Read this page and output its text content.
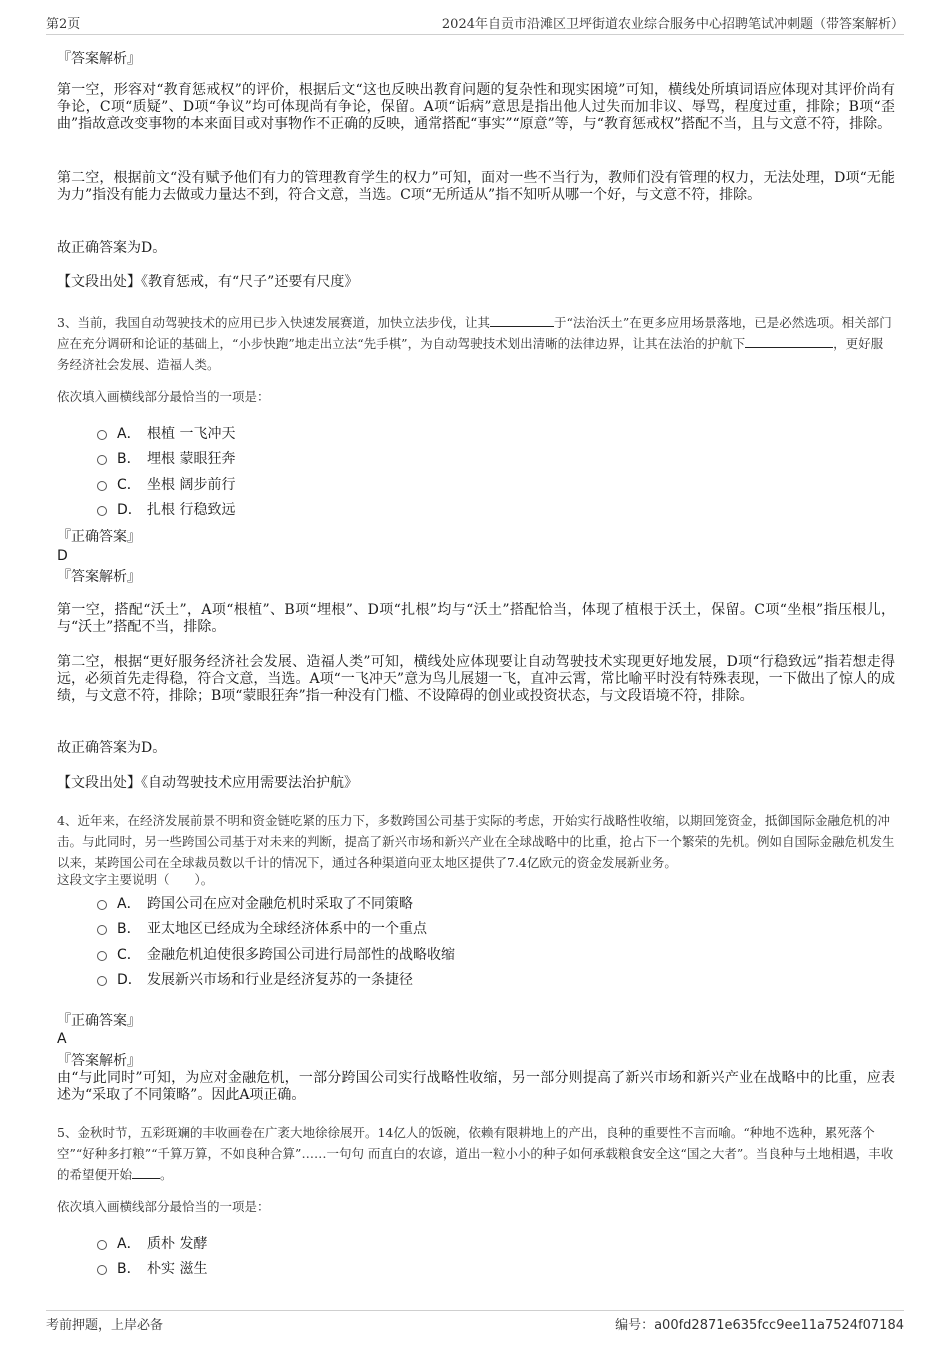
第2页	2024年自贡市沿滩区卫坪街道农业综合服务中心招聘笔试冲刺题（带答案解析）
『答案解析』

第一空，形容对“教育惩戒权”的评价，根据后文“这也反映出教育问题的复杂性和现实困境”可知，横线处所填词语应体现对其评价尚有争论，C项“质疑”、D项“争议”均可体现尚有争论，保留。A项“诟病”意思是指出他人过失而加非议、辱骂，程度过重，排除；B项“歪曲”指故意改变事物的本来面目或对事物作不正确的反映，通常搭配“事实”“原意”等，与“教育惩戒权”搭配不当，且与文意不符，排除。

第二空，根据前文“没有赋予他们有力的管理教育学生的权力”可知，面对一些不当行为，教师们没有管理的权力，无法处理，D项“无能为力”指没有能力去做或力量达不到，符合文意，当选。C项“无所适从”指不知听从哪一个好，与文意不符，排除。

故正确答案为D。

【文段出处】《教育惩戒，有“尺子”还要有尺度》

3、当前，我国自动驾驶技术的应用已步入快速发展赛道，加快立法步伐，让其	于“法治沃土”在更多应用场景落地，已是必然选项。相关部门应在充分调研和论证的基础上，“小步快跑”地走出立法“先手棋”，为自动驾驶技术划出清晰的法律边界，让其在法治的护航下	，更好服务经济社会发展、造福人类。

依次填入画横线部分最恰当的一项是：

A． 根植 一飞冲天
B． 埋根 蒙眼狂奔
C． 坐根 阔步前行
D． 扎根 行稳致远
『正确答案』
D
『答案解析』

第一空，搭配“沃土”，A项“根植”、B项“埋根”、D项“扎根”均与“沃土”搭配恰当，体现了植根于沃土，保留。C项“坐根”指压根儿，与“沃土”搭配不当，排除。

第二空，根据“更好服务经济社会发展、造福人类”可知，横线处应体现要让自动驾驶技术实现更好地发展，D项“行稳致远”指若想走得远，必须首先走得稳，符合文意，当选。A项“一飞冲天”意为鸟儿展翅一飞，直冲云霄，常比喻平时没有特殊表现，一下做出了惊人的成绩，与文意不符，排除；B项“蒙眼狂奔”指一种没有门槛、不设障碍的创业或投资状态，与文段语境不符，排除。

故正确答案为D。

【文段出处】《自动驾驶技术应用需要法治护航》

4、近年来，在经济发展前景不明和资金链吃紧的压力下，多数跨国公司基于实际的考虑，开始实行战略性收缩，以期回笼资金，抵御国际金融危机的冲击。与此同时，另一些跨国公司基于对未来的判断，提高了新兴市场和新兴产业在全球战略中的比重，抢占下一个繁荣的先机。例如自国际金融危机发生以来，某跨国公司在全球裁员数以千计的情况下，通过各种渠道向亚太地区提供了7.4亿欧元的资金发展新业务。

这段文字主要说明（　　）。

A． 跨国公司在应对金融危机时采取了不同策略
B． 亚太地区已经成为全球经济体系中的一个重点
C． 金融危机迫使很多跨国公司进行局部性的战略收缩
D． 发展新兴市场和行业是经济复苏的一条捷径
『正确答案』
A
『答案解析』

由“与此同时”可知，为应对金融危机，一部分跨国公司实行战略性收缩，另一部分则提高了新兴市场和新兴产业在战略中的比重，应表述为“采取了不同策略”。因此A项正确。

5、金秋时节，五彩斑斓的丰收画卷在广袤大地徐徐展开。14亿人的饭碗，依赖有限耕地上的产出，良种的重要性不言而喻。“种地不选种，累死落个空”“好种多打粮”“千算万算，不如良种合算”……一句句 而直白的农谚，道出一粒小小的种子如何承载粮食安全这“国之大者”。当良种与土地相遇，丰收的希望便开始 。

依次填入画横线部分最恰当的一项是：

A． 质朴 发酵
B． 朴实 滋生
考前押题，上岸必备	编号：a00fd2871e635fcc9ee11a7524f07184
